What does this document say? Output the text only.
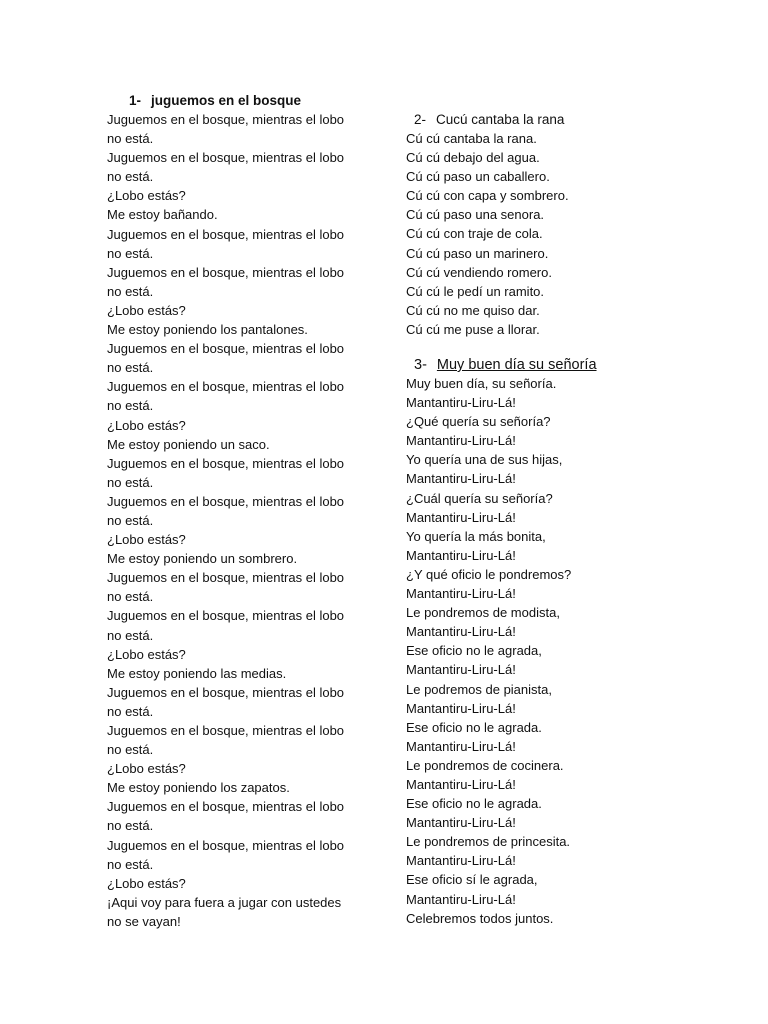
1- juguemos en el bosque
Juguemos en el bosque, mientras el lobo
no está.
Juguemos en el bosque, mientras el lobo
no está.
¿Lobo estás?
Me estoy bañando.
Juguemos en el bosque, mientras el lobo
no está.
Juguemos en el bosque, mientras el lobo
no está.
¿Lobo estás?
Me estoy poniendo los pantalones.
Juguemos en el bosque, mientras el lobo
no está.
Juguemos en el bosque, mientras el lobo
no está.
¿Lobo estás?
Me estoy poniendo un saco.
Juguemos en el bosque, mientras el lobo
no está.
Juguemos en el bosque, mientras el lobo
no está.
¿Lobo estás?
Me estoy poniendo un sombrero.
Juguemos en el bosque, mientras el lobo
no está.
Juguemos en el bosque, mientras el lobo
no está.
¿Lobo estás?
Me estoy poniendo las medias.
Juguemos en el bosque, mientras el lobo
no está.
Juguemos en el bosque, mientras el lobo
no está.
¿Lobo estás?
Me estoy poniendo los zapatos.
Juguemos en el bosque, mientras el lobo
no está.
Juguemos en el bosque, mientras el lobo
no está.
¿Lobo estás?
¡Aqui voy para fuera a jugar con ustedes
no se vayan!
2- Cucú cantaba la rana
Cú cú cantaba la rana.
Cú cú debajo del agua.
Cú cú paso un caballero.
Cú cú con capa y sombrero.
Cú cú paso una senora.
Cú cú con traje de cola.
Cú cú paso un marinero.
Cú cú vendiendo romero.
Cú cú le pedí un ramito.
Cú cú no me quiso dar.
Cú cú me puse a llorar.
3- Muy buen día su señoría
Muy buen día, su señoría.
Mantantiru-Liru-Lá!
¿Qué quería su señoría?
Mantantiru-Liru-Lá!
Yo quería una de sus hijas,
Mantantiru-Liru-Lá!
¿Cuál quería su señoría?
Mantantiru-Liru-Lá!
Yo quería la más bonita,
Mantantiru-Liru-Lá!
¿Y qué oficio le pondremos?
Mantantiru-Liru-Lá!
Le pondremos de modista,
Mantantiru-Liru-Lá!
Ese oficio no le agrada,
Mantantiru-Liru-Lá!
Le podremos de pianista,
Mantantiru-Liru-Lá!
Ese oficio no le agrada.
Mantantiru-Liru-Lá!
Le pondremos de cocinera.
Mantantiru-Liru-Lá!
Ese oficio no le agrada.
Mantantiru-Liru-Lá!
Le pondremos de princesita.
Mantantiru-Liru-Lá!
Ese oficio sí le agrada,
Mantantiru-Liru-Lá!
Celebremos todos juntos.
